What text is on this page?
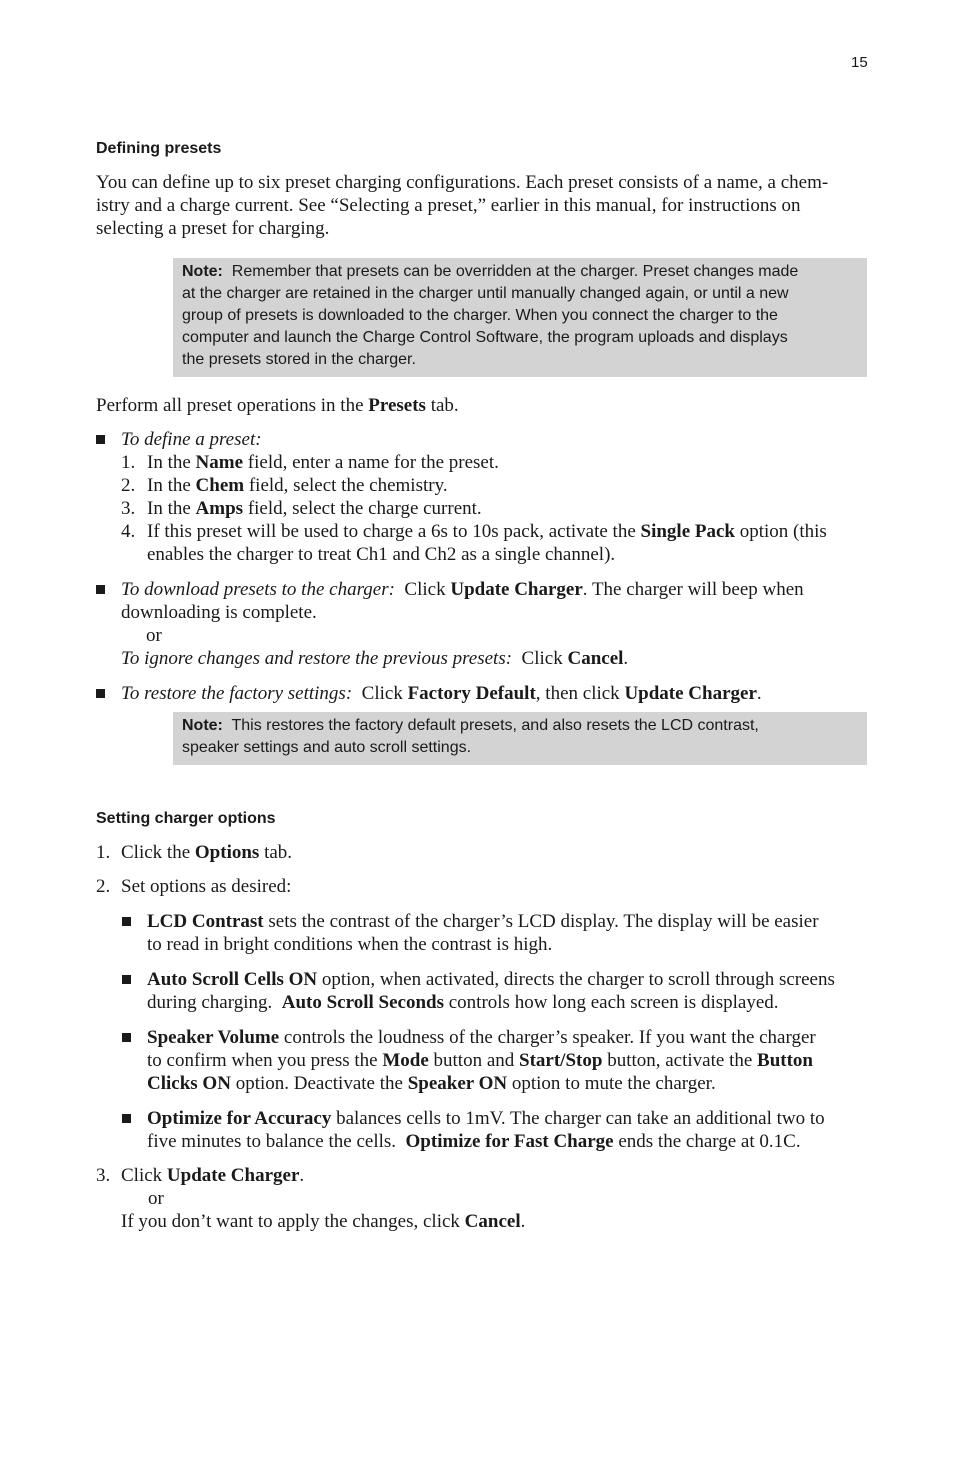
15
Defining presets
You can define up to six preset charging configurations. Each preset consists of a name, a chem-
istry and a charge current. See “Selecting a preset,” earlier in this manual, for instructions on
selecting a preset for charging.
Note: Remember that presets can be overridden at the charger. Preset changes made
at the charger are retained in the charger until manually changed again, or until a new
group of presets is downloaded to the charger. When you connect the charger to the
computer and launch the Charge Control Software, the program uploads and displays
the presets stored in the charger.
Perform all preset operations in the Presets tab.
To define a preset:
1. In the Name field, enter a name for the preset.
2. In the Chem field, select the chemistry.
3. In the Amps field, select the charge current.
4. If this preset will be used to charge a 6s to 10s pack, activate the Single Pack option (this
enables the charger to treat Ch1 and Ch2 as a single channel).
To download presets to the charger:  Click Update Charger. The charger will beep when
downloading is complete.
or
To ignore changes and restore the previous presets:  Click Cancel.
To restore the factory settings:  Click Factory Default, then click Update Charger.
Note: This restores the factory default presets, and also resets the LCD contrast,
speaker settings and auto scroll settings.
Setting charger options
1. Click the Options tab.
2. Set options as desired:
LCD Contrast sets the contrast of the charger’s LCD display. The display will be easier
to read in bright conditions when the contrast is high.
Auto Scroll Cells ON option, when activated, directs the charger to scroll through screens
during charging.  Auto Scroll Seconds controls how long each screen is displayed.
Speaker Volume controls the loudness of the charger’s speaker. If you want the charger
to confirm when you press the Mode button and Start/Stop button, activate the Button
Clicks ON option. Deactivate the Speaker ON option to mute the charger.
Optimize for Accuracy balances cells to 1mV. The charger can take an additional two to
five minutes to balance the cells.  Optimize for Fast Charge ends the charge at 0.1C.
3. Click Update Charger.
or
If you don’t want to apply the changes, click Cancel.
